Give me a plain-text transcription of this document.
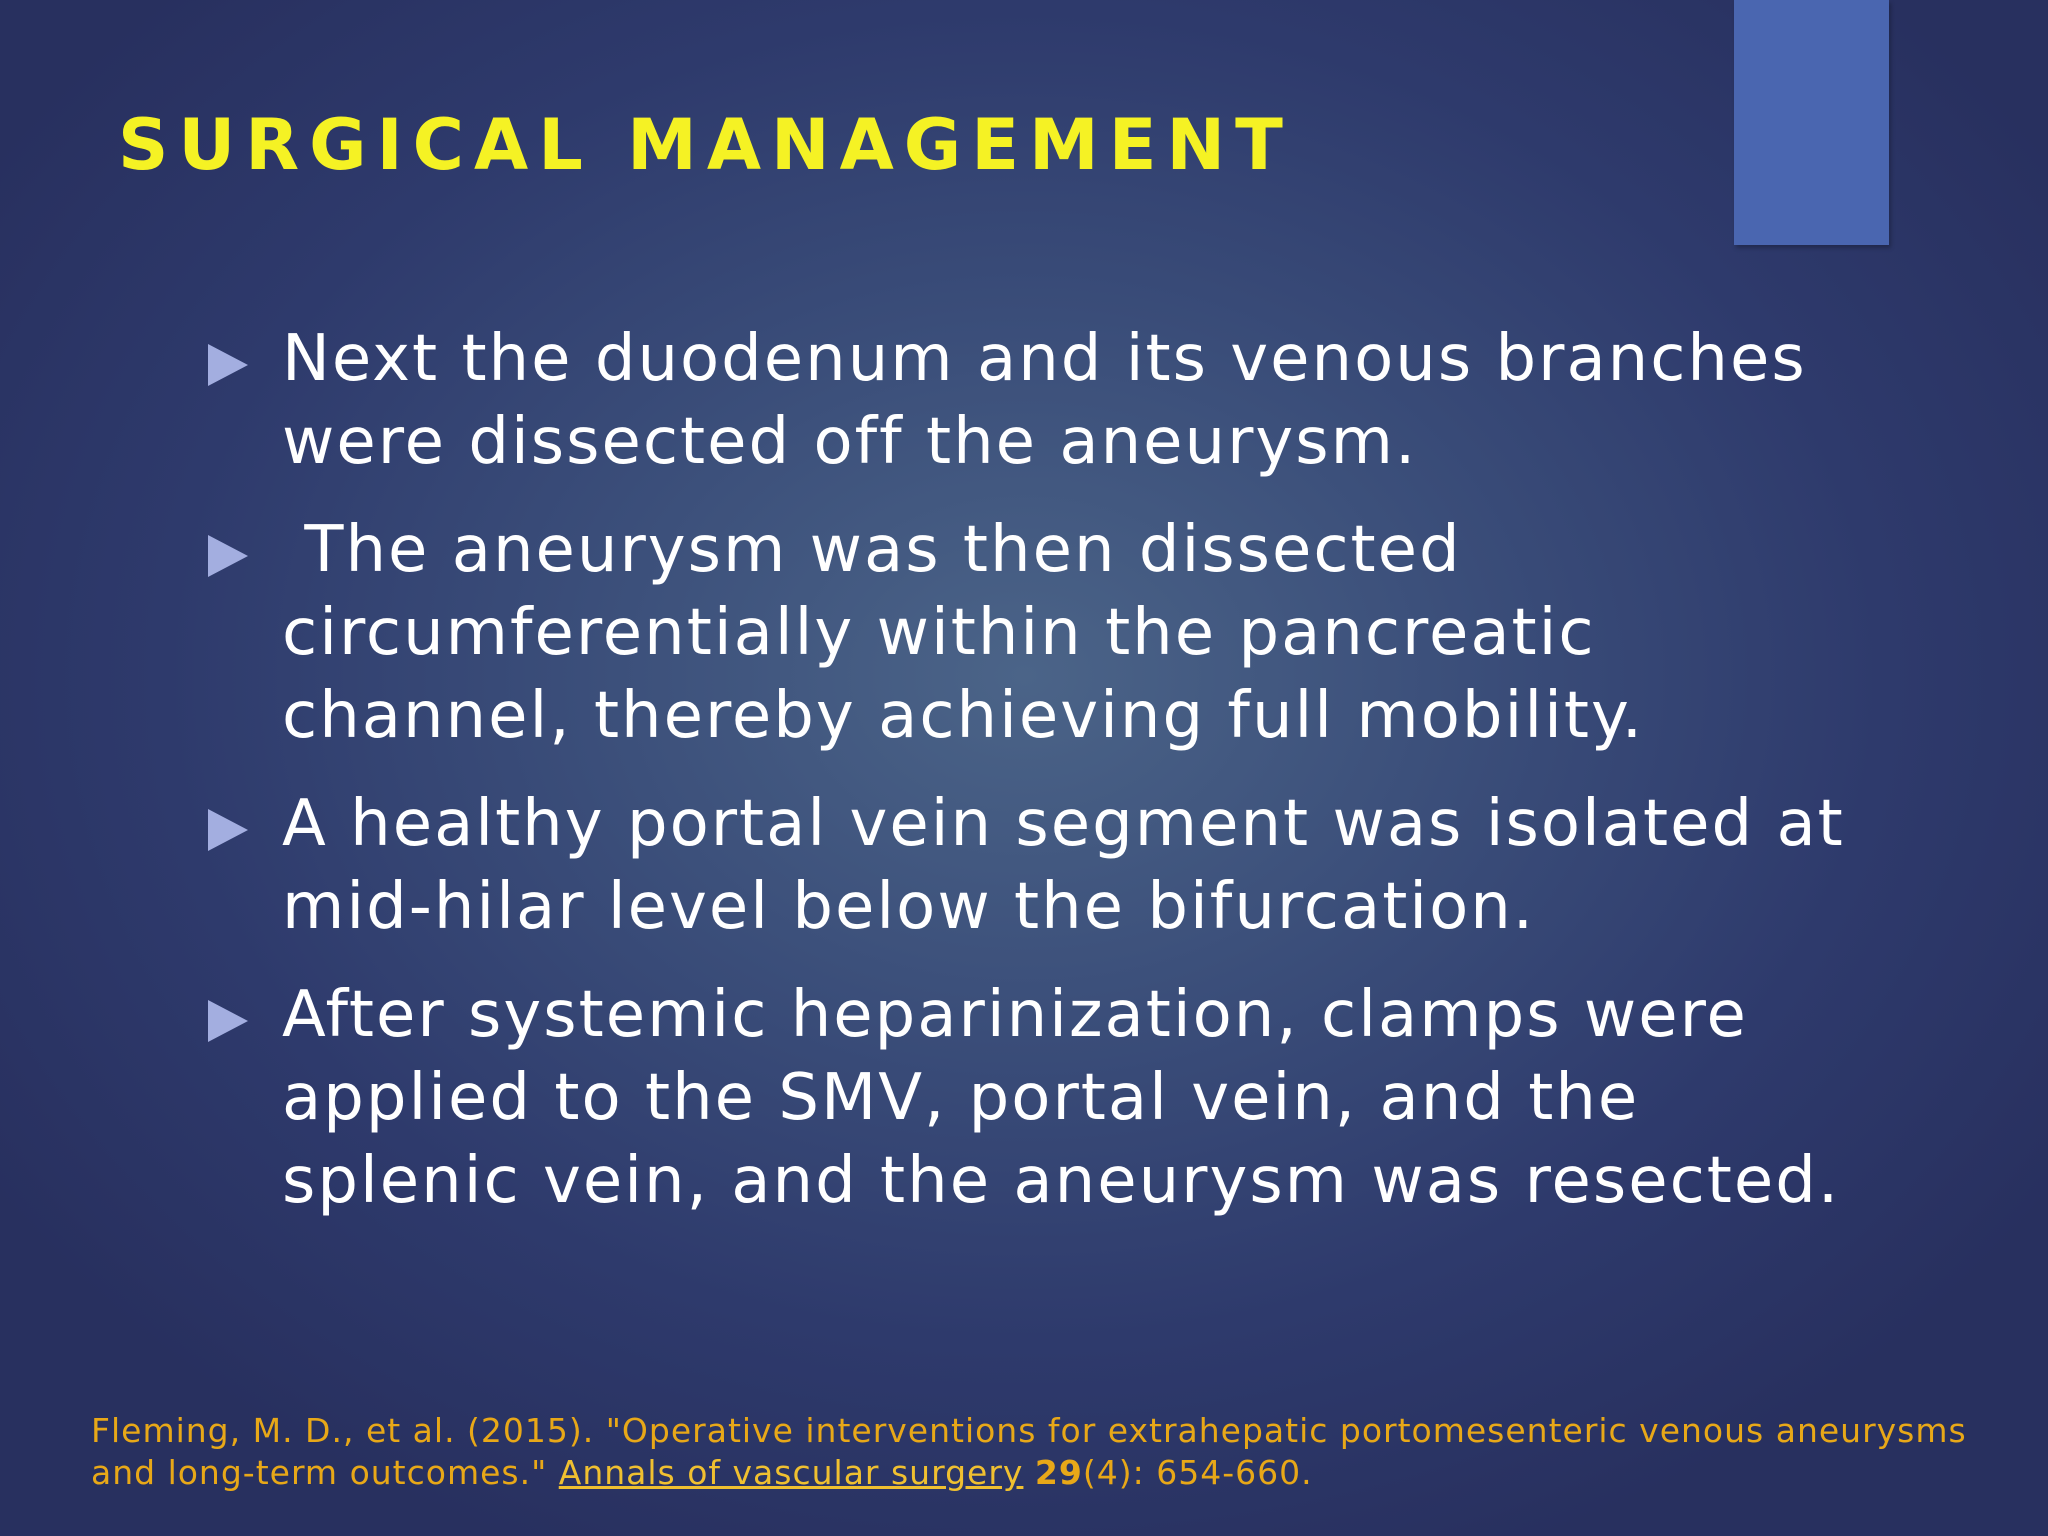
SURGICAL MANAGEMENT
Next the duodenum and its venous branches were dissected off the aneurysm.
The aneurysm was then dissected circumferentially within the pancreatic channel, thereby achieving full mobility.
A healthy portal vein segment was isolated at mid-hilar level below the bifurcation.
After systemic heparinization, clamps were applied to the SMV, portal vein, and the splenic vein, and the aneurysm was resected.

Fleming, M. D., et al. (2015). "Operative interventions for extrahepatic portomesenteric venous aneurysms and long-term outcomes." Annals of vascular surgery 29(4): 654-660.
